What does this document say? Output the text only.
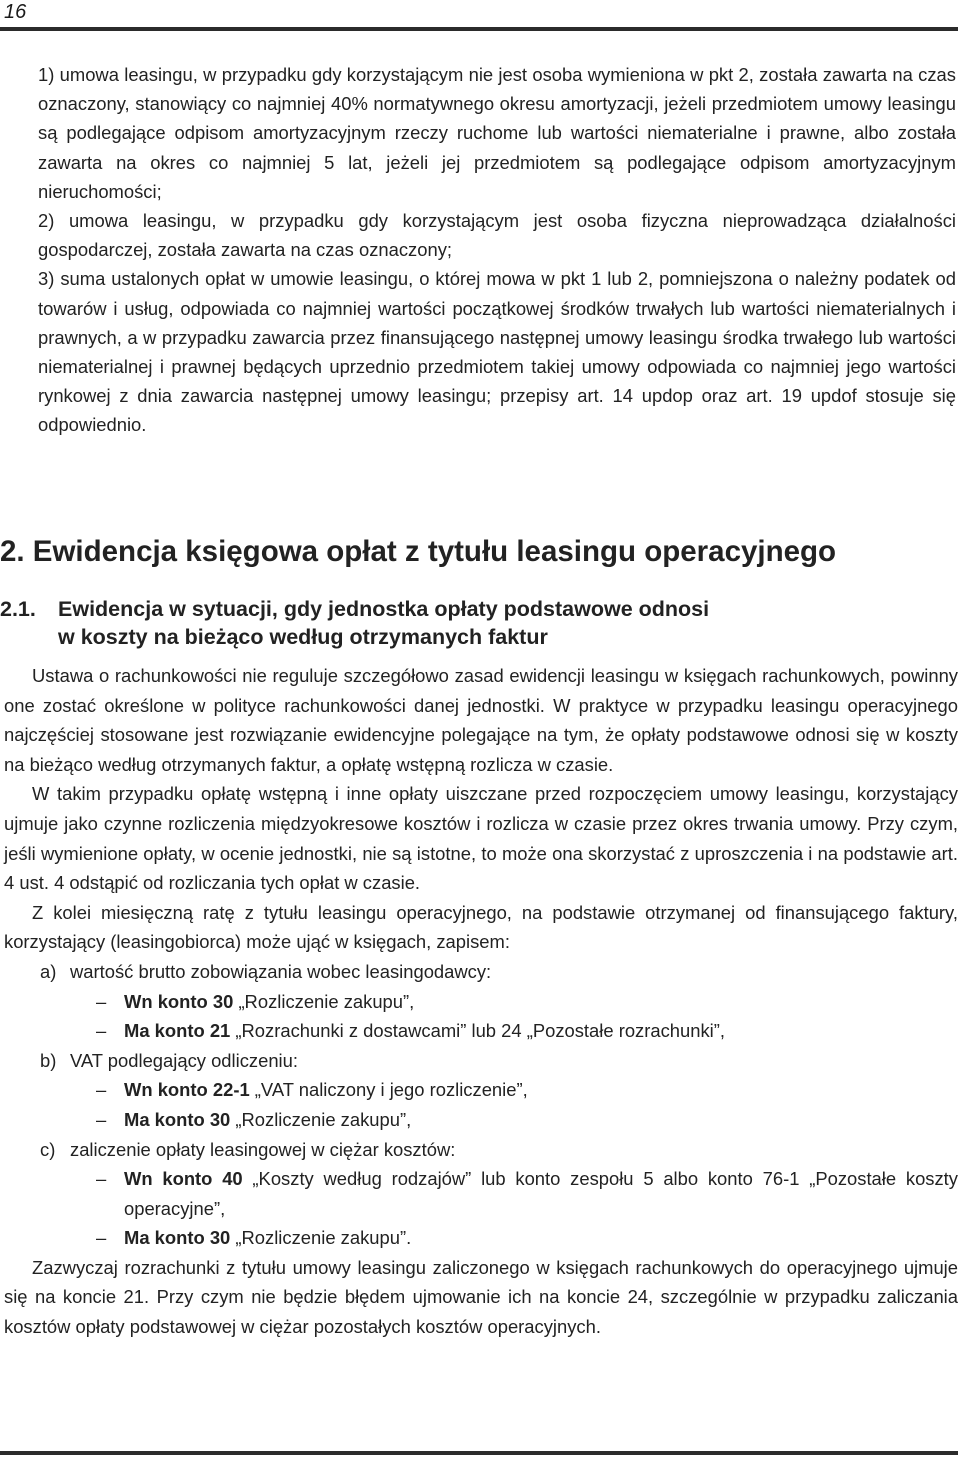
16

1) umowa leasingu, w przypadku gdy korzystającym nie jest osoba wymieniona w pkt 2, została zawarta na czas oznaczony, stanowiący co najmniej 40% normatywnego okresu amortyzacji, jeżeli przedmiotem umowy leasingu są podlegające odpisom amortyzacyjnym rzeczy ruchome lub wartości niematerialne i prawne, albo została zawarta na okres co najmniej 5 lat, jeżeli jej przedmiotem są podlegające odpisom amortyzacyjnym nieruchomości;

2) umowa leasingu, w przypadku gdy korzystającym jest osoba fizyczna nieprowadząca działalności gospodarczej, została zawarta na czas oznaczony;

3) suma ustalonych opłat w umowie leasingu, o której mowa w pkt 1 lub 2, pomniejszona o należny podatek od towarów i usług, odpowiada co najmniej wartości początkowej środków trwałych lub wartości niematerialnych i prawnych, a w przypadku zawarcia przez finansującego następnej umowy leasingu środka trwałego lub wartości niematerialnej i prawnej będących uprzednio przedmiotem takiej umowy odpowiada co najmniej jego wartości rynkowej z dnia zawarcia następnej umowy leasingu; przepisy art. 14 updop oraz art. 19 updof stosuje się odpowiednio.

2. Ewidencja księgowa opłat z tytułu leasingu operacyjnego
2.1. Ewidencja w sytuacji, gdy jednostka opłaty podstawowe odnosi
w koszty na bieżąco według otrzymanych faktur

Ustawa o rachunkowości nie reguluje szczegółowo zasad ewidencji leasingu w księgach rachunkowych, powinny one zostać określone w polityce rachunkowości danej jednostki. W praktyce w przypadku leasingu operacyjnego najczęściej stosowane jest rozwiązanie ewidencyjne polegające na tym, że opłaty podstawowe odnosi się w koszty na bieżąco według otrzymanych faktur, a opłatę wstępną rozlicza w czasie.

W takim przypadku opłatę wstępną i inne opłaty uiszczane przed rozpoczęciem umowy leasingu, korzystający ujmuje jako czynne rozliczenia międzyokresowe kosztów i rozlicza w czasie przez okres trwania umowy. Przy czym, jeśli wymienione opłaty, w ocenie jednostki, nie są istotne, to może ona skorzystać z uproszczenia i na podstawie art. 4 ust. 4 odstąpić od rozliczania tych opłat w czasie.

Z kolei miesięczną ratę z tytułu leasingu operacyjnego, na podstawie otrzymanej od finansującego faktury, korzystający (leasingobiorca) może ująć w księgach, zapisem:

a) wartość brutto zobowiązania wobec leasingodawcy:
– Wn konto 30 „Rozliczenie zakupu”,
– Ma konto 21 „Rozrachunki z dostawcami” lub 24 „Pozostałe rozrachunki”,
b) VAT podlegający odliczeniu:
– Wn konto 22-1 „VAT naliczony i jego rozliczenie”,
– Ma konto 30 „Rozliczenie zakupu”,
c) zaliczenie opłaty leasingowej w ciężar kosztów:
– Wn konto 40 „Koszty według rodzajów” lub konto zespołu 5 albo konto 76-1 „Pozostałe koszty operacyjne”,
– Ma konto 30 „Rozliczenie zakupu”.

Zazwyczaj rozrachunki z tytułu umowy leasingu zaliczonego w księgach rachunkowych do operacyjnego ujmuje się na koncie 21. Przy czym nie będzie błędem ujmowanie ich na koncie 24, szczególnie w przypadku zaliczania kosztów opłaty podstawowej w ciężar pozostałych kosztów operacyjnych.
